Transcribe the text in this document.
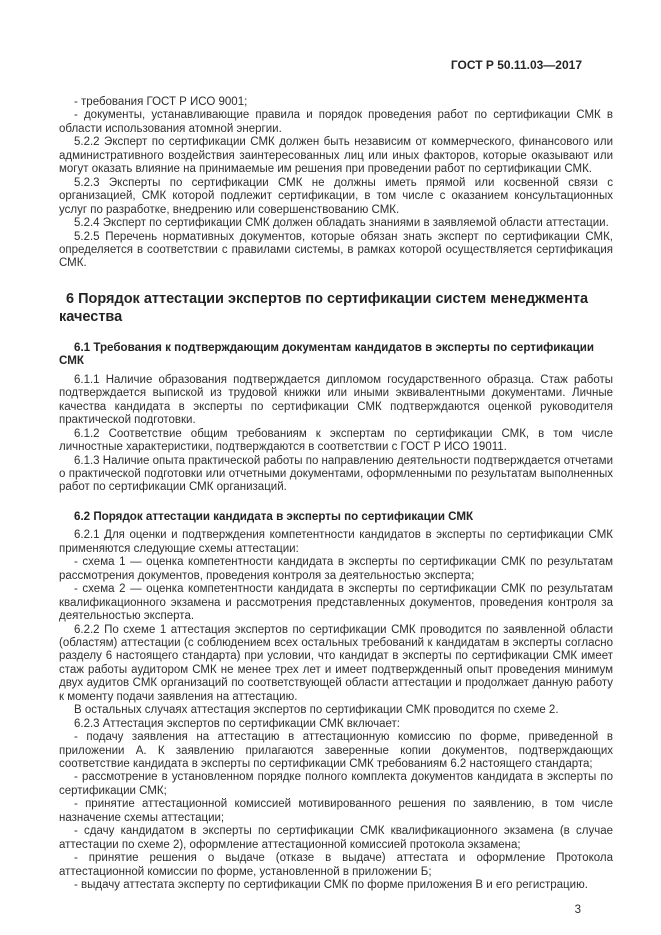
ГОСТ Р 50.11.03—2017

- требования ГОСТ Р ИСО 9001;

- документы, устанавливающие правила и порядок проведения работ по сертификации СМК в области использования атомной энергии.

5.2.2 Эксперт по сертификации СМК должен быть независим от коммерческого, финансового или административного воздействия заинтересованных лиц или иных факторов, которые оказывают или могут оказать влияние на принимаемые им решения при проведении работ по сертификации СМК.

5.2.3 Эксперты по сертификации СМК не должны иметь прямой или косвенной связи с организацией, СМК которой подлежит сертификации, в том числе с оказанием консультационных услуг по разработке, внедрению или совершенствованию СМК.

5.2.4 Эксперт по сертификации СМК должен обладать знаниями в заявляемой области аттестации.

5.2.5 Перечень нормативных документов, которые обязан знать эксперт по сертификации СМК, определяется в соответствии с правилами системы, в рамках которой осуществляется сертификация СМК.

6 Порядок аттестации экспертов по сертификации систем менеджмента качества

6.1 Требования к подтверждающим документам кандидатов в эксперты по сертификации СМК

6.1.1 Наличие образования подтверждается дипломом государственного образца. Стаж работы подтверждается выпиской из трудовой книжки или иными эквивалентными документами. Личные качества кандидата в эксперты по сертификации СМК подтверждаются оценкой руководителя практической подготовки.

6.1.2 Соответствие общим требованиям к экспертам по сертификации СМК, в том числе личностные характеристики, подтверждаются в соответствии с ГОСТ Р ИСО 19011.

6.1.3 Наличие опыта практической работы по направлению деятельности подтверждается отчетами о практической подготовки или отчетными документами, оформленными по результатам выполненных работ по сертификации СМК организаций.

6.2 Порядок аттестации кандидата в эксперты по сертификации СМК

6.2.1 Для оценки и подтверждения компетентности кандидатов в эксперты по сертификации СМК применяются следующие схемы аттестации:

- схема 1 — оценка компетентности кандидата в эксперты по сертификации СМК по результатам рассмотрения документов, проведения контроля за деятельностью эксперта;

- схема 2 — оценка компетентности кандидата в эксперты по сертификации СМК по результатам квалификационного экзамена и рассмотрения представленных документов, проведения контроля за деятельностью эксперта.

6.2.2 По схеме 1 аттестация экспертов по сертификации СМК проводится по заявленной области (областям) аттестации (с соблюдением всех остальных требований к кандидатам в эксперты согласно разделу 6 настоящего стандарта) при условии, что кандидат в эксперты по сертификации СМК имеет стаж работы аудитором СМК не менее трех лет и имеет подтвержденный опыт проведения минимум двух аудитов СМК организаций по соответствующей области аттестации и продолжает данную работу к моменту подачи заявления на аттестацию.

В остальных случаях аттестация экспертов по сертификации СМК проводится по схеме 2.

6.2.3 Аттестация экспертов по сертификации СМК включает:

- подачу заявления на аттестацию в аттестационную комиссию по форме, приведенной в приложении А. К заявлению прилагаются заверенные копии документов, подтверждающих соответствие кандидата в эксперты по сертификации СМК требованиям 6.2 настоящего стандарта;

- рассмотрение в установленном порядке полного комплекта документов кандидата в эксперты по сертификации СМК;

- принятие аттестационной комиссией мотивированного решения по заявлению, в том числе назначение схемы аттестации;

- сдачу кандидатом в эксперты по сертификации СМК квалификационного экзамена (в случае аттестации по схеме 2), оформление аттестационной комиссией протокола экзамена;

- принятие решения о выдаче (отказе в выдаче) аттестата и оформление Протокола аттестационной комиссии по форме, установленной в приложении Б;

- выдачу аттестата эксперту по сертификации СМК по форме приложения В и его регистрацию.

3
